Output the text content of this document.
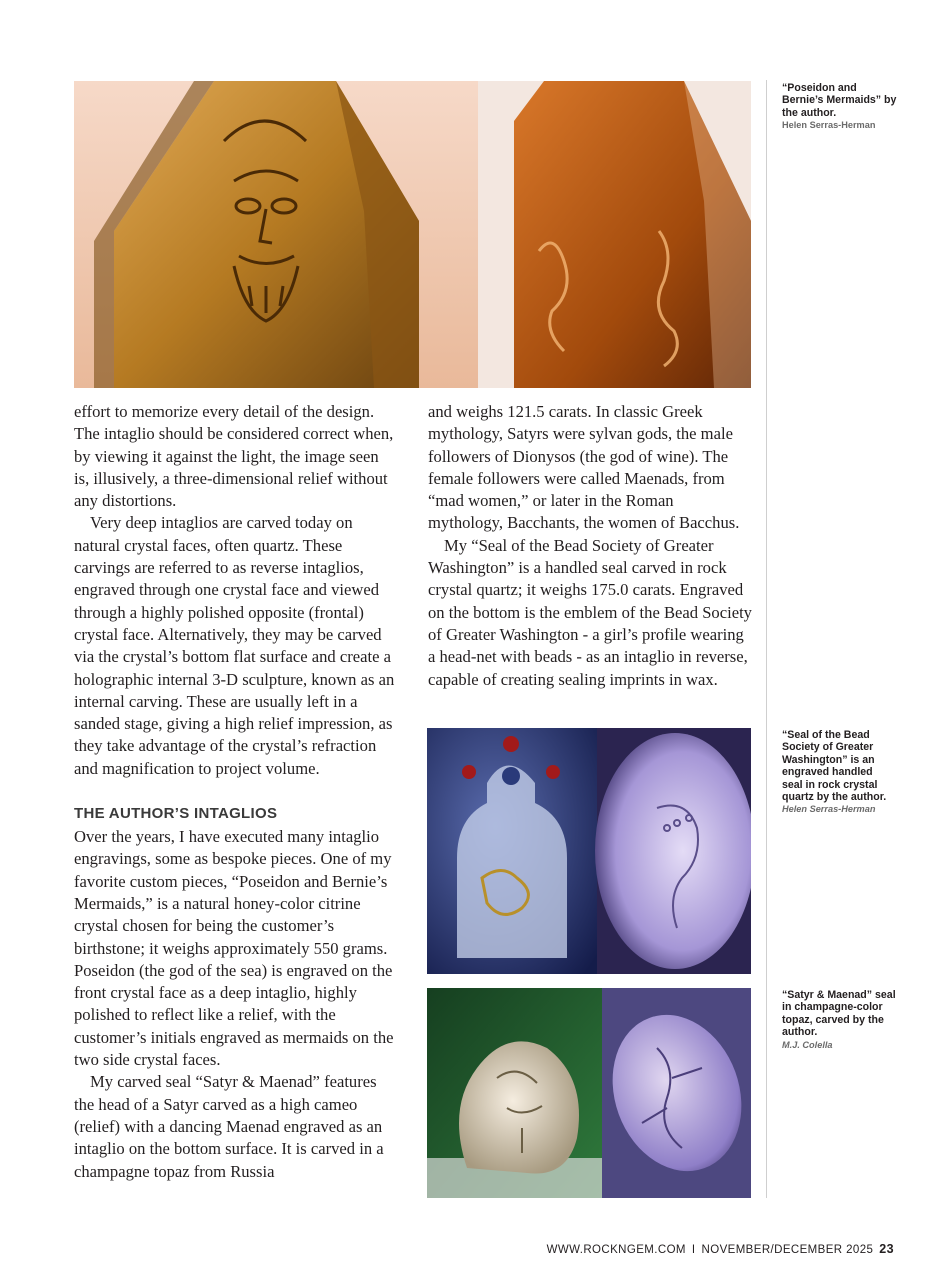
effort to memorize every detail of the design. The intaglio should be considered correct when, by viewing it against the light, the image seen is, illusively, a three-dimensional relief without any distortions.

Very deep intaglios are carved today on natural crystal faces, often quartz. These carvings are referred to as reverse intaglios, engraved through one crystal face and viewed through a highly polished opposite (frontal) crystal face. Alternatively, they may be carved via the crystal’s bottom flat surface and create a holographic internal 3-D sculpture, known as an internal carving. These are usually left in a sanded stage, giving a high relief impression, as they take advantage of the crystal’s refraction and magnification to project volume.

THE AUTHOR’S INTAGLIOS

Over the years, I have executed many intaglio engravings, some as bespoke pieces. One of my favorite custom pieces, “Poseidon and Bernie’s Mermaids,” is a natural honey-color citrine crystal chosen for being the customer’s birthstone; it weighs approximately 550 grams. Poseidon (the god of the sea) is engraved on the front crystal face as a deep intaglio, highly polished to reflect like a relief, with the customer’s initials engraved as mermaids on the two side crystal faces.

My carved seal “Satyr & Maenad” features the head of a Satyr carved as a high cameo (relief) with a dancing Maenad engraved as an intaglio on the bottom surface. It is carved in a champagne topaz from Russia

and weighs 121.5 carats. In classic Greek mythology, Satyrs were sylvan gods, the male followers of Dionysos (the god of wine). The female followers were called Maenads, from “mad women,” or later in the Roman mythology, Bacchants, the women of Bacchus.

My “Seal of the Bead Society of Greater Washington” is a handled seal carved in rock crystal quartz; it weighs 175.0 carats. Engraved on the bottom is the emblem of the Bead Society of Greater Washington - a girl’s profile wearing a head-net with beads - as an intaglio in reverse, capable of creating sealing imprints in wax.

“Poseidon and Bernie’s Mermaids” by the author.
Helen Serras-Herman
“Seal of the Bead Society of Greater Washington” is an engraved handled seal in rock crystal quartz by the author.
Helen Serras-Herman
“Satyr & Maenad” seal in champagne-color topaz, carved by the author.
M.J. Colella
WWW.ROCKNGEM.COM I NOVEMBER/DECEMBER 2025 23
